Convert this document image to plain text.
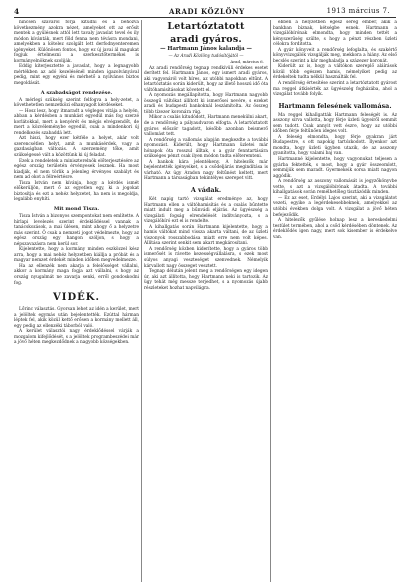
4	ARADI KÖZLÖNY	1913 március 7.

nincsen szaváról forja kitudni és a behozva következmény azokra nézet, amelyeket ott az erősít mentek a gyülésnek attól lett tavaly javaslat tevel és ily módon kívánták, mert föld fenna nem tévásra mondani, amelyekben a kötelez szolgált lett derfodnyenteremen igényeket. Különösen fontos, hogy ez új javai ál magukat fogjuk értelmezni a szerkesztőtermékei is kormányelnöknek szoliják.

Eddig kiterjesztette a javaslat, hogy a legnagyobb mértékben az adó kezelésénél minden igazolványával pedig, mint egy egyéni és mérhető a nyilvános biztos megoldását.

A szabadságot rendezése.

A mérlegi szükség szerint felfogva a hely-zetet, a követhetetlen nemzetközi elhanyagolt kérdéseket.

— Hosz lesz, hogy itmaradt a végleges vitája a helyén, abban a kérdésben a munkást egyedül más fog szerzé korlátokkal, mert a kenyérét és mégis elvégzendőt, de mert a közvéleménybe egyedül, csak a mindenkori új rendelkezés szabaddá lett.

Azt hiszi, hogy ezer kétféle a helyet, akár volt szerencsétlen helyt, amit a munkásérdek, vagy a gazdaságban változás. A szerzemény tőke, amit szükségessé vált a közöttünk ki új feladat.

Ezek a rendeletek a miniszterelnök előterjesztésére az egész ország területén érvényesek lesznek. Ha most kiadják, el nem törlik a jelenleg érvényes szabályt és nem ad okot a félreértésre.

Tisza István nem kívánja, hogy a kérdés ismét előkerüljön, mert ő az egyetlen egy, ki a jogokat biztosítja és ezt a nehéz helyzetet, ha nem is megoldja, legalább enyhíti.

Mit mond Tisza.

Tisza István a bizonyos szempontokat nem említette. A hírlapi levelezés szerint érdeklődéssel vannak a tanácskozások, a mai ülésen, mint ahogy ő a helyzetre más szerint. Ő csak a nemzeti jogot védelmezte, hogy az egész ország egy hangon szóljon, s hogy a népszavazásra nem kerül sor.

Kijelentette, hogy a kormány minden eszközzel kész arra, hogy a mai nehéz helyzetben kiállja a próbát és a magyar nemzet érdekét minden időben megvédelmezze.

Ha az ellenzék nem akarja a felelősséget vállalni, akkor a kormány maga fogja azt vállalni, s hogy az ország nyugalmát ne zavarja senki, erről gondoskodni fog.

VIDÉK.

Lőrinc választás. Gyorsan lehet az idén a kerület, mert a jelöltek egymás után bejelentették. Ezúttal hárman léptek fel, akik közül kettő erősen a kormány mellett áll, egy pedig az ellenzéki táborból való.

A kerület választói nagy érdeklődéssel várják a mozgalom kifejlődését, s a jelöltek programbeszédei már a jövő héten megkezdődnek a nagyobb községekben.

Letartóztatott
aradi gyáros.
— Hartmann János kalandja —
— Az Aradi Közlöny tudósítójától —
Arad, március 6.

Az aradi rendőrség tegnap rendkívüli érdekes esetet derített fel. Hartmann János, egy ismert aradi gyáros, aki vagyonáról volt híres, az utóbbi napokban eltűnt. A letartóztatás során kiderült, hogy az illető hosszú idő óta váltóhamisításokat követett el.

A nyomozás megállapította, hogy Hartmann nagyobb összegű váltókat állított ki ismerősei nevére, s ezeket aradi és budapesti bankoknál leszámítolta. Az összeg több tízezer koronára rúg.

Mikor a csalás kitudódott, Hartmann menekülni akart, de a rendőrség a pályaudvaron elfogta. A letartóztatott gyáros először tagadott, később azonban beismerő vallomást tett.

A rendőrség a vallomás alapján megkezdte a további nyomozást. Kiderült, hogy Hartmann üzletei már hónapok óta rosszul álltak, s a gyár fenntartására szükséges pénzt csak ilyen módon tudta előteremteni.

A bankok kára jelentékeny. A hitelezők már bejelentették igényeiket, s a csődeljárás megindítása is várható. Az ügy Aradon nagy feltűnést keltett, mert Hartmann a társaságban tekintélyes szerepet vitt.

A vádak.

Két napig tartó vizsgálat eredménye az, hogy Hartmann ellen a váltóhamisítás és a csalás bűntette miatt indult meg a bűnvádi eljárás. Az ügyészség a vizsgálati fogság elrendelését indítványozta, s a vizsgálóbíró ezt el is rendelte.

A kihallgatás során Hartmann kijelentette, hogy a hamis váltókat mind vissza akarta váltani, de az üzleti viszonyok rosszabbodása miatt erre nem volt képes. Állítása szerint senkit sem akart megkárosítani.

A rendőrség közben kiderítette, hogy a gyáros több ismerősét is rávette kezességvállalásra, s ezek most súlyos anyagi veszteséget szenvednek. Némelyik kárvallott nagy összeget vesztett.

Tegnap délután jelent meg a rendőrségen egy idegen úr, aki azt állította, hogy Hartmann neki is tartozik. Az ügy tehát még messze terjedhet, s a nyomozás újabb részleteket hozhat napvilágra.

ebben a helyzetben egész sereg ember, akik a bankban bíznak, kétségbe esnek. Hartmann a vizsgálóbírónak elmondta, hogy minden tettét a kényszerűség szülte, s hogy a pénzt részben üzleti célokra fordította.

A gyár könyveit a rendőrség lefoglalta, és szakértő könyvvizsgálók vizsgálják meg, mekkora a hiány. Az első becslés szerint a kár meghaladja a százezer koronát.

Kiderült az is, hogy a váltókon szereplő aláírások közül több egészen hamis, némelyiket pedig az érdekeltek tudta nélkül használták fel.

A rendőrség értesítése szerint a letartóztatott gyárost ma reggel átkísérték az ügyészség fogházába, ahol a vizsgálat tovább folyik.

Hartmann felesének vallomása.

Ma reggel kihallgatták Hartmann feleségét is. Az asszony sírva vallotta, hogy férje üzleti ügyeiről semmit sem tudott. Csak annyit vett észre, hogy az utóbbi időben férje feltűnően ideges volt.

A feleség elmondta, hogy férje gyakran járt Budapestre, s ott napokig tartózkodott. Ilyenkor azt mondta, hogy üzleti ügyben utazik, de az asszony gyanította, hogy valami baj van.

Hartmanné kijelentette, hogy vagyonukat teljesen a gyárba fektették, s most, hogy a gyár összeomlott, semmijük sem maradt. Gyermekeik sorsa miatt nagyon aggódik.

A rendőrség az asszony vallomását is jegyzőkönyvbe vette, s azt a vizsgálóbírónak átadta. A további kihallgatások során remélhetőleg tisztázódik minden.

— Ez az eset, Erdélyi Lajos szerint, aki a vizsgálatot vezeti, egyike a legérdekesebbeknek, amelyekkel az utóbbi években dolga volt. A vizsgálat a jövő héten befejeződik.

A hitelezők gyűlése holnap lesz a kereskedelmi testület termében, ahol a csőd kérdésében döntenek. Az érdeklődés igen nagy, mert sok kisember is érdekelve van.
